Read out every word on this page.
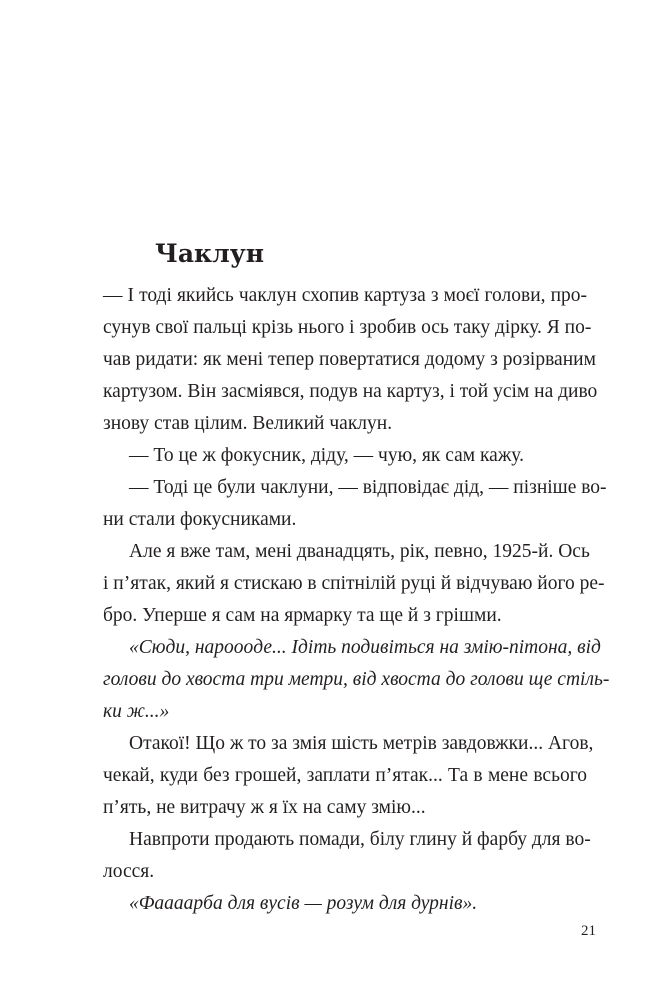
Чаклун

— І тоді якийсь чаклун схопив картуза з моєї голови, про-

сунув свої пальці крізь нього і зробив ось таку дірку. Я по-

чав ридати: як мені тепер повертатися додому з розірваним

картузом. Він засміявся, подув на картуз, і той усім на диво

знову став цілим. Великий чаклун.

— То це ж фокусник, діду, — чую, як сам кажу.

— Тоді це були чаклуни, — відповідає дід, — пізніше во-

ни стали фокусниками.

Але я вже там, мені дванадцять, рік, певно, 1925-й. Ось

і п’ятак, який я стискаю в спітнілій руці й відчуваю його ре-

бро. Уперше я сам на ярмарку та ще й з грішми.

«Сюди, нарoooде... Ідіть подивіться на змію-пітона, від

голови до хвоста три метри, від хвоста до голови ще стіль-

ки ж...»

Отакої! Що ж то за змія шість метрів завдовжки... Агов,

чекай, куди без грошей, заплати п’ятак... Та в мене всього

п’ять, не витрачу ж я їх на саму змію...

Навпроти продають помади, білу глину й фарбу для во-

лосся.

«Фаааарба для вусів — розум для дурнів».

21
